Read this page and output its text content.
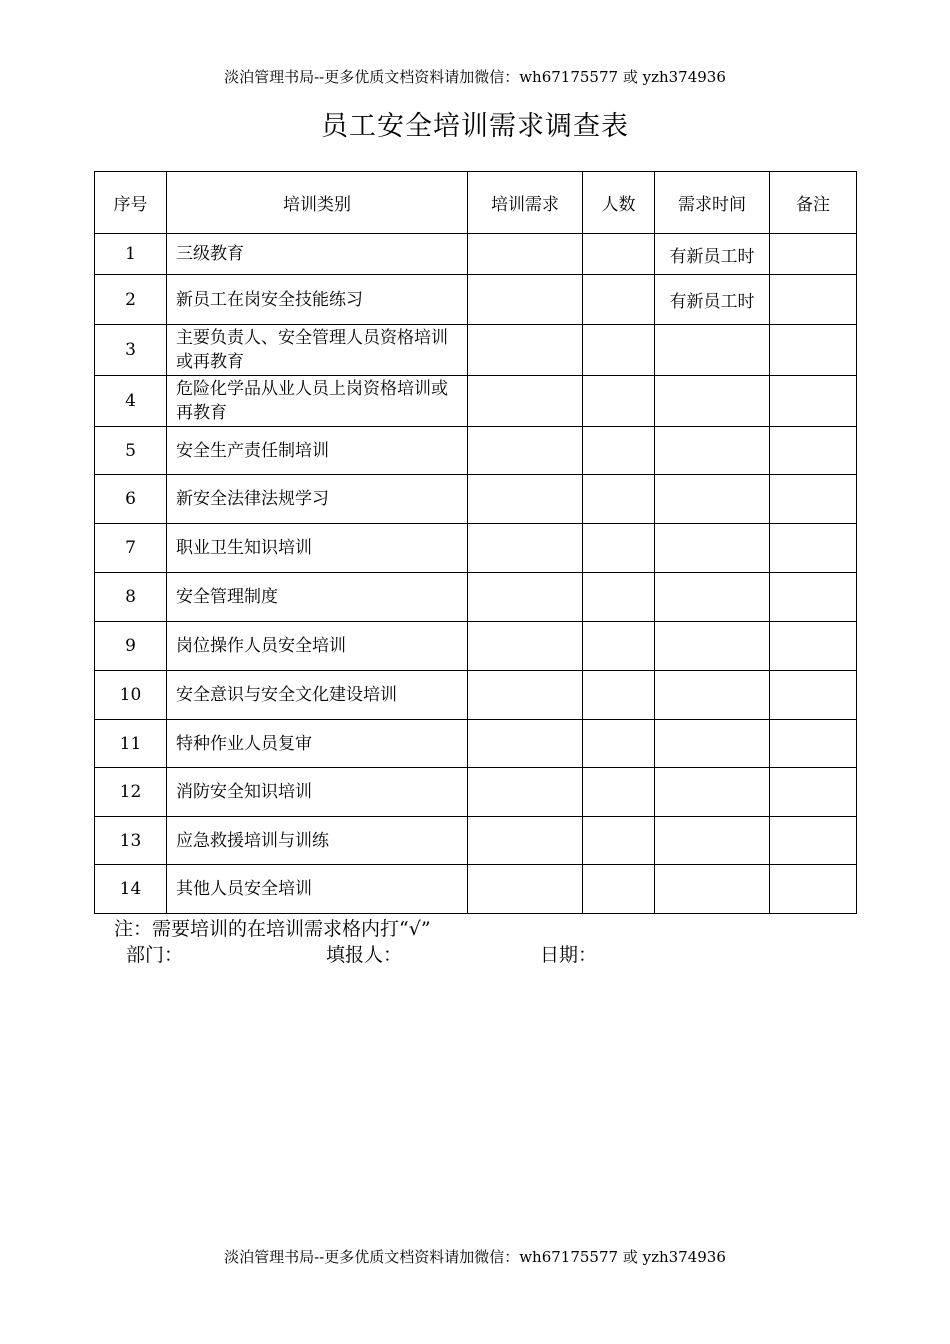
淡泊管理书局--更多优质文档资料请加微信：wh67175577 或 yzh374936
员工安全培训需求调查表
序号	培训类别	培训需求	人数	需求时间	备注
1	三级教育			有新员工时	
2	新员工在岗安全技能练习			有新员工时	
3	主要负责人、安全管理人员资格培训或再教育				
4	危险化学品从业人员上岗资格培训或再教育				
5	安全生产责任制培训				
6	新安全法律法规学习				
7	职业卫生知识培训				
8	安全管理制度				
9	岗位操作人员安全培训				
10	安全意识与安全文化建设培训				
11	特种作业人员复审				
12	消防安全知识培训				
13	应急救援培训与训练				
14	其他人员安全培训				
注：需要培训的在培训需求格内打“√”
部门：	填报人：	日期：
淡泊管理书局--更多优质文档资料请加微信：wh67175577 或 yzh374936
